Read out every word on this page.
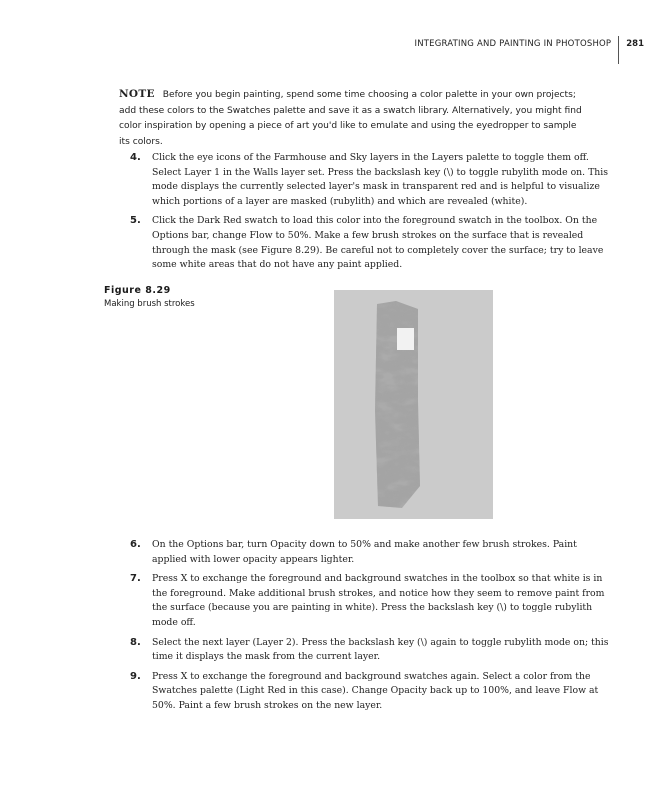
INTEGRATING AND PAINTING IN PHOTOSHOP	281
NOTE Before you begin painting, spend some time choosing a color palette in your own projects; add these colors to the Swatches palette and save it as a swatch library. Alternatively, you might find color inspiration by opening a piece of art you'd like to emulate and using the eyedropper to sample its colors.
4. Click the eye icons of the Farmhouse and Sky layers in the Layers palette to toggle them off. Select Layer 1 in the Walls layer set. Press the backslash key (\) to toggle rubylith mode on. This mode displays the currently selected layer's mask in transparent red and is helpful to visualize which portions of a layer are masked (rubylith) and which are revealed (white).
5. Click the Dark Red swatch to load this color into the foreground swatch in the toolbox. On the Options bar, change Flow to 50%. Make a few brush strokes on the surface that is revealed through the mask (see Figure 8.29). Be careful not to completely cover the surface; try to leave some white areas that do not have any paint applied.
Figure 8.29
Making brush strokes
6. On the Options bar, turn Opacity down to 50% and make another few brush strokes. Paint applied with lower opacity appears lighter.
7. Press X to exchange the foreground and background swatches in the toolbox so that white is in the foreground. Make additional brush strokes, and notice how they seem to remove paint from the surface (because you are painting in white). Press the backslash key (\) to toggle rubylith mode off.
8. Select the next layer (Layer 2). Press the backslash key (\) again to toggle rubylith mode on; this time it displays the mask from the current layer.
9. Press X to exchange the foreground and background swatches again. Select a color from the Swatches palette (Light Red in this case). Change Opacity back up to 100%, and leave Flow at 50%. Paint a few brush strokes on the new layer.
